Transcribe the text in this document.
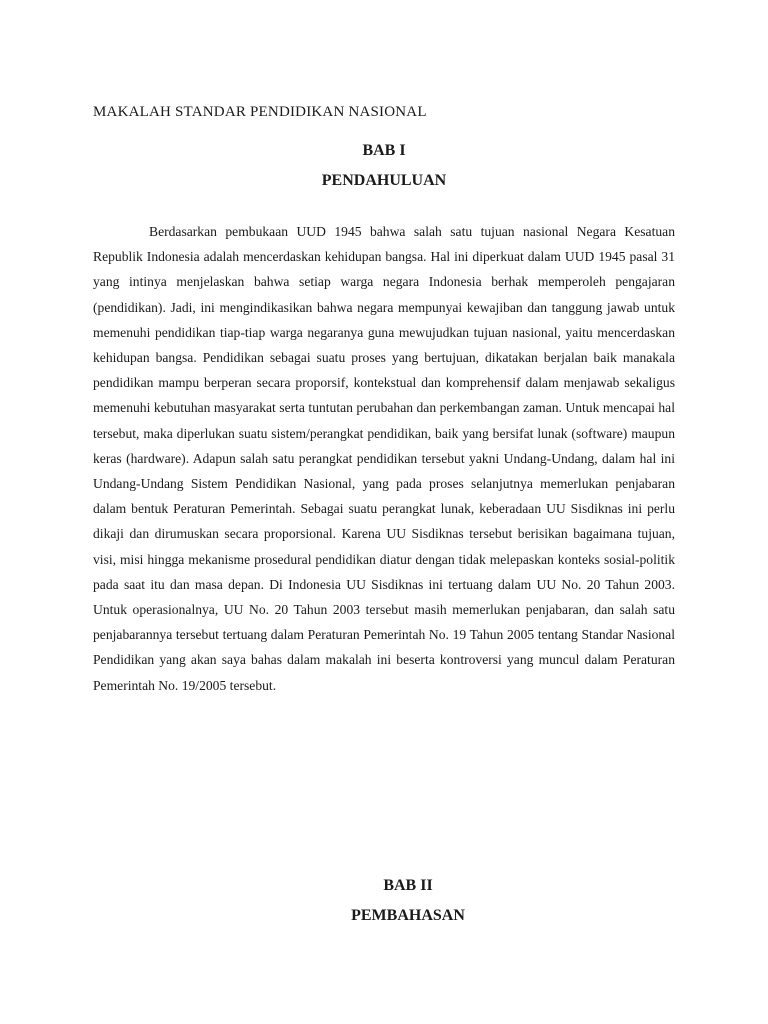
MAKALAH STANDAR PENDIDIKAN NASIONAL
BAB I
PENDAHULUAN

Berdasarkan pembukaan UUD 1945 bahwa salah satu tujuan nasional Negara Kesatuan Republik Indonesia adalah mencerdaskan kehidupan bangsa. Hal ini diperkuat dalam UUD 1945 pasal 31 yang intinya menjelaskan bahwa setiap warga negara Indonesia berhak memperoleh pengajaran (pendidikan). Jadi, ini mengindikasikan bahwa negara mempunyai kewajiban dan tanggung jawab untuk memenuhi pendidikan tiap-tiap warga negaranya guna mewujudkan tujuan nasional, yaitu mencerdaskan kehidupan bangsa. Pendidikan sebagai suatu proses yang bertujuan, dikatakan berjalan baik manakala pendidikan mampu berperan secara proporsif, kontekstual dan komprehensif dalam menjawab sekaligus memenuhi kebutuhan masyarakat serta tuntutan perubahan dan perkembangan zaman. Untuk mencapai hal tersebut, maka diperlukan suatu sistem/perangkat pendidikan, baik yang bersifat lunak (software) maupun keras (hardware). Adapun salah satu perangkat pendidikan tersebut yakni Undang-Undang, dalam hal ini Undang-Undang Sistem Pendidikan Nasional, yang pada proses selanjutnya memerlukan penjabaran dalam bentuk Peraturan Pemerintah. Sebagai suatu perangkat lunak, keberadaan UU Sisdiknas ini perlu dikaji dan dirumuskan secara proporsional. Karena UU Sisdiknas tersebut berisikan bagaimana tujuan, visi, misi hingga mekanisme prosedural pendidikan diatur dengan tidak melepaskan konteks sosial-politik pada saat itu dan masa depan. Di Indonesia UU Sisdiknas ini tertuang dalam UU No. 20 Tahun 2003. Untuk operasionalnya, UU No. 20 Tahun 2003 tersebut masih memerlukan penjabaran, dan salah satu penjabarannya tersebut tertuang dalam Peraturan Pemerintah No. 19 Tahun 2005 tentang Standar Nasional Pendidikan yang akan saya bahas dalam makalah ini beserta kontroversi yang muncul dalam Peraturan Pemerintah No. 19/2005 tersebut.

BAB II
PEMBAHASAN
